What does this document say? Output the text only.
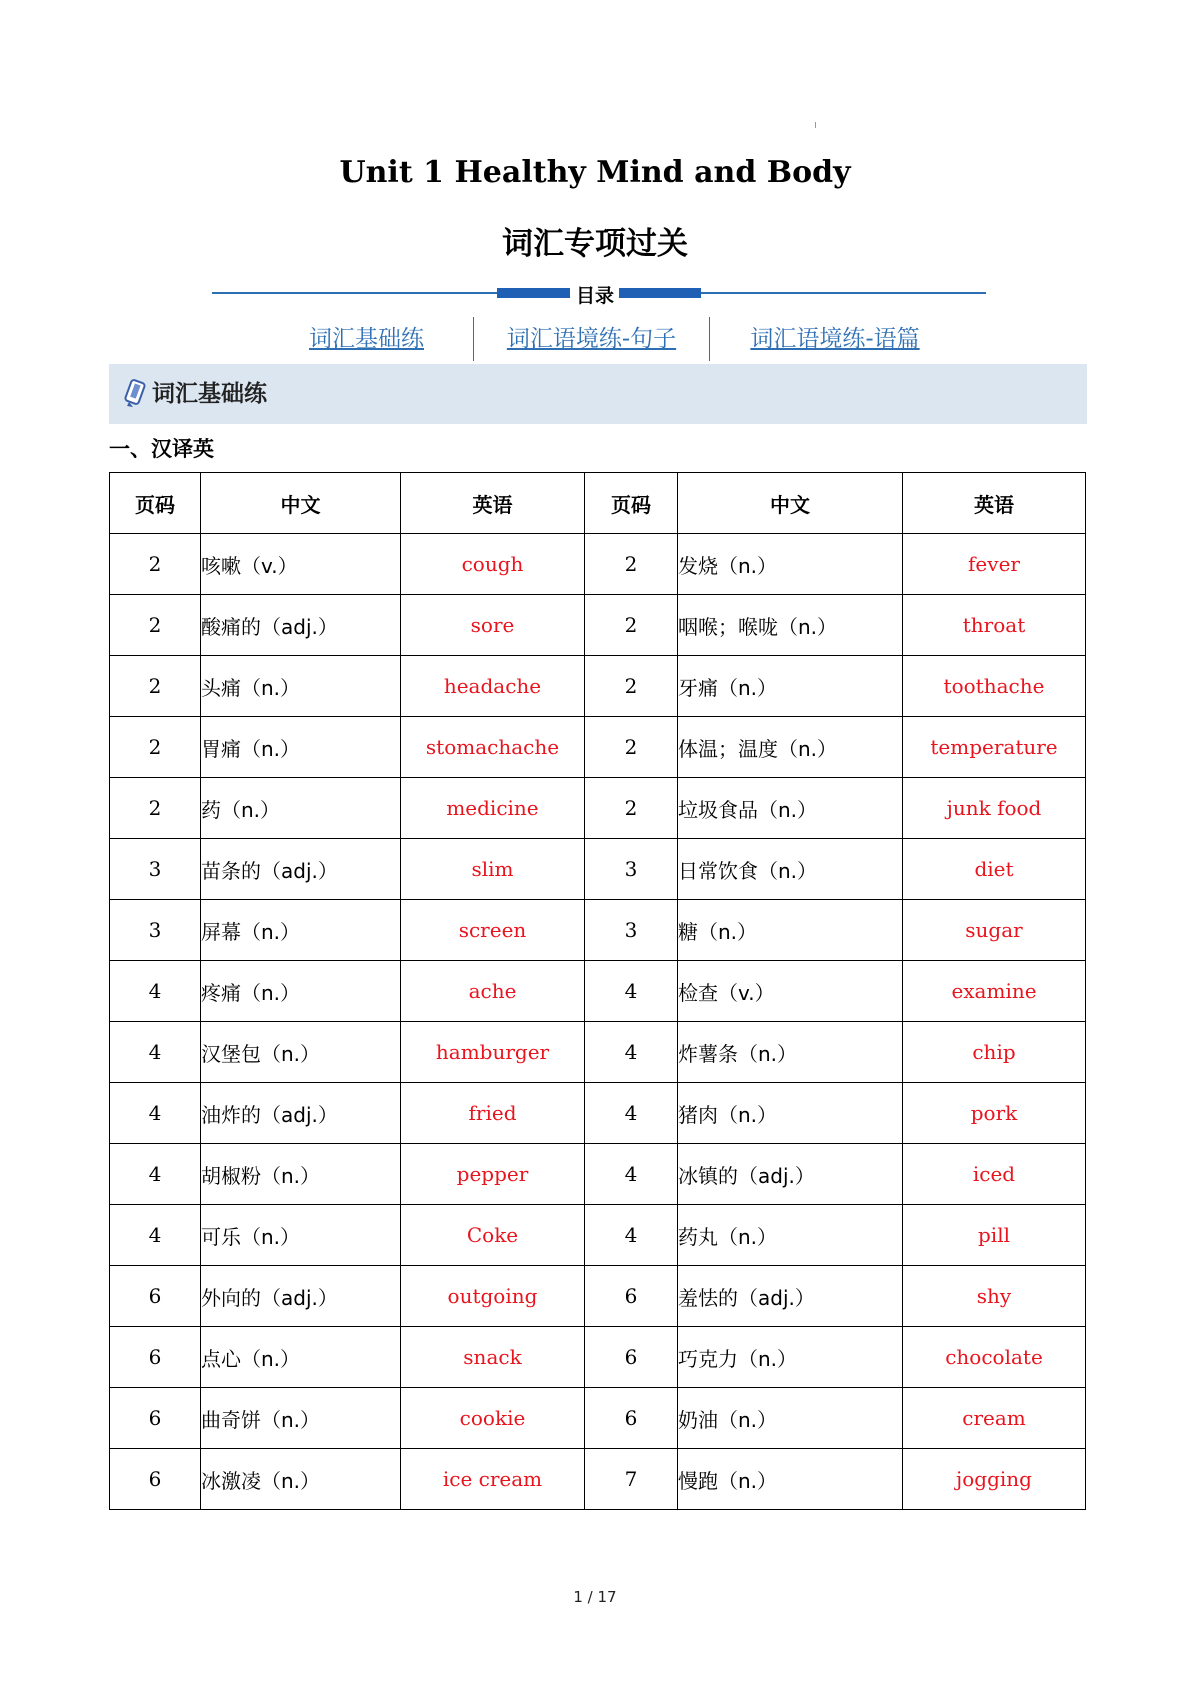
Unit 1 Healthy Mind and Body
词汇专项过关
目录
词汇基础练	词汇语境练-句子	词汇语境练-语篇
词汇基础练
一、汉译英
页码	中文	英语	页码	中文	英语
2	咳嗽（v.）	cough	2	发烧（n.）	fever
2	酸痛的（adj.）	sore	2	咽喉；喉咙（n.）	throat
2	头痛（n.）	headache	2	牙痛（n.）	toothache
2	胃痛（n.）	stomachache	2	体温；温度（n.）	temperature
2	药（n.）	medicine	2	垃圾食品（n.）	junk food
3	苗条的（adj.）	slim	3	日常饮食（n.）	diet
3	屏幕（n.）	screen	3	糖（n.）	sugar
4	疼痛（n.）	ache	4	检查（v.）	examine
4	汉堡包（n.）	hamburger	4	炸薯条（n.）	chip
4	油炸的（adj.）	fried	4	猪肉（n.）	pork
4	胡椒粉（n.）	pepper	4	冰镇的（adj.）	iced
4	可乐（n.）	Coke	4	药丸（n.）	pill
6	外向的（adj.）	outgoing	6	羞怯的（adj.）	shy
6	点心（n.）	snack	6	巧克力（n.）	chocolate
6	曲奇饼（n.）	cookie	6	奶油（n.）	cream
6	冰激凌（n.）	ice cream	7	慢跑（n.）	jogging
1 / 17
